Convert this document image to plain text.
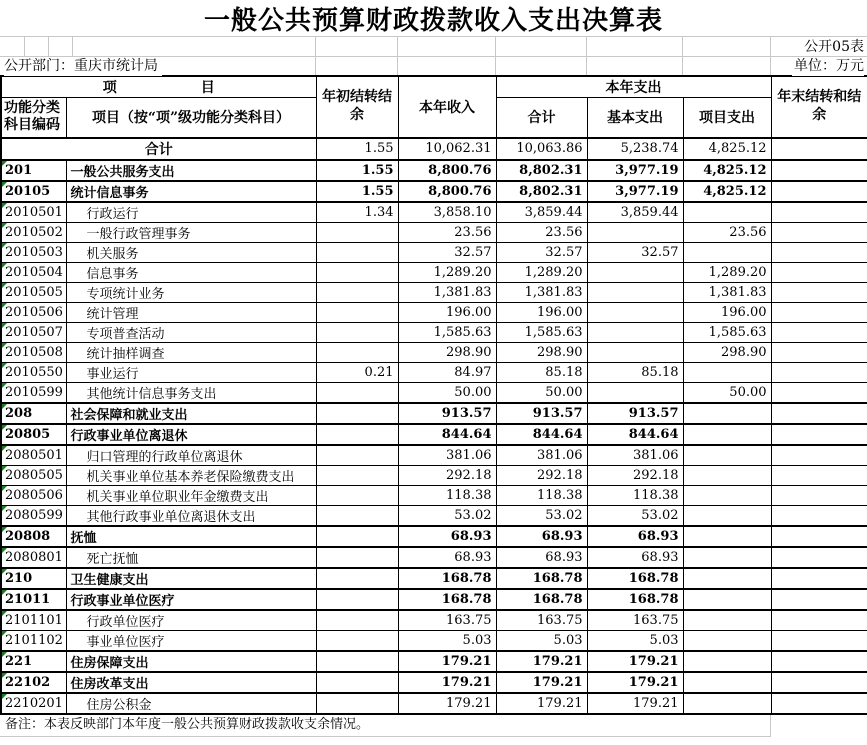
一般公共预算财政拨款收入支出决算表
公开05表
公开部门：重庆市统计局	单位：万元
项　　　　　　目		年初结转结余	本年收入	本年支出			年末结转和结余
功能分类科目编码	项目（按“项”级功能分类科目）			合计	基本支出	项目支出	
合计		1.55	10,062.31	10,063.86	5,238.74	4,825.12	
201	一般公共服务支出	1.55	8,800.76	8,802.31	3,977.19	4,825.12	
20105	统计信息事务	1.55	8,800.76	8,802.31	3,977.19	4,825.12	
2010501	行政运行	1.34	3,858.10	3,859.44	3,859.44		
2010502	一般行政管理事务		23.56	23.56		23.56	
2010503	机关服务		32.57	32.57	32.57		
2010504	信息事务		1,289.20	1,289.20		1,289.20	
2010505	专项统计业务		1,381.83	1,381.83		1,381.83	
2010506	统计管理		196.00	196.00		196.00	
2010507	专项普查活动		1,585.63	1,585.63		1,585.63	
2010508	统计抽样调查		298.90	298.90		298.90	
2010550	事业运行	0.21	84.97	85.18	85.18		
2010599	其他统计信息事务支出		50.00	50.00		50.00	
208	社会保障和就业支出		913.57	913.57	913.57		
20805	行政事业单位离退休		844.64	844.64	844.64		
2080501	归口管理的行政单位离退休		381.06	381.06	381.06		
2080505	机关事业单位基本养老保险缴费支出		292.18	292.18	292.18		
2080506	机关事业单位职业年金缴费支出		118.38	118.38	118.38		
2080599	其他行政事业单位离退休支出		53.02	53.02	53.02		
20808	抚恤		68.93	68.93	68.93		
2080801	死亡抚恤		68.93	68.93	68.93		
210	卫生健康支出		168.78	168.78	168.78		
21011	行政事业单位医疗		168.78	168.78	168.78		
2101101	行政单位医疗		163.75	163.75	163.75		
2101102	事业单位医疗		5.03	5.03	5.03		
221	住房保障支出		179.21	179.21	179.21		
22102	住房改革支出		179.21	179.21	179.21		
2210201	住房公积金		179.21	179.21	179.21		
备注：本表反映部门本年度一般公共预算财政拨款收支余情况。
